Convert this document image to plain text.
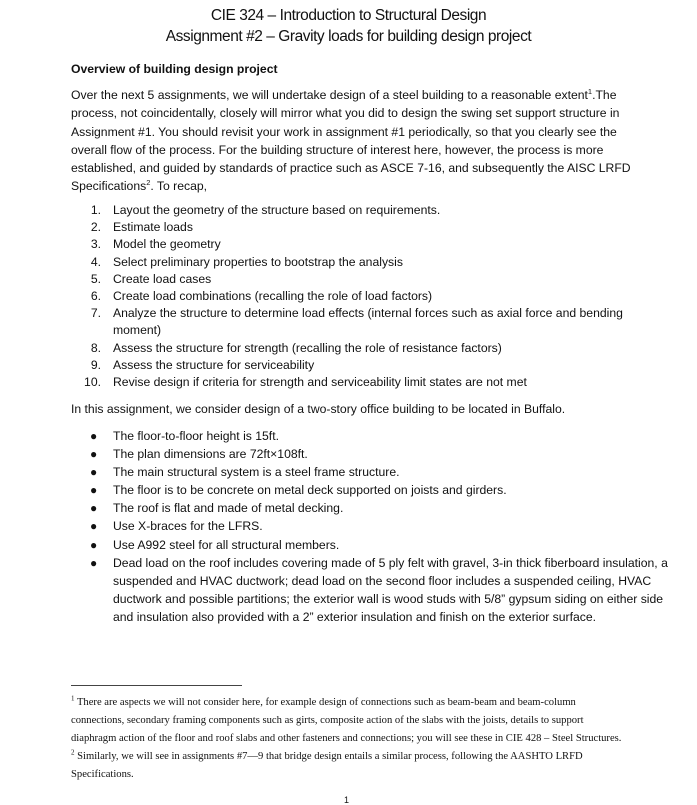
CIE 324 – Introduction to Structural Design
Assignment #2 – Gravity loads for building design project
Overview of building design project
Over the next 5 assignments, we will undertake design of a steel building to a reasonable extent$^1$.The process, not coincidentally, closely will mirror what you did to design the swing set support structure in Assignment #1. You should revisit your work in assignment #1 periodically, so that you clearly see the overall flow of the process. For the building structure of interest here, however, the process is more established, and guided by standards of practice such as ASCE 7-16, and subsequently the AISC LRFD Specifications$^2$. To recap,
1. Layout the geometry of the structure based on requirements.
2. Estimate loads
3. Model the geometry
4. Select preliminary properties to bootstrap the analysis
5. Create load cases
6. Create load combinations (recalling the role of load factors)
7. Analyze the structure to determine load effects (internal forces such as axial force and bending moment)
8. Assess the structure for strength (recalling the role of resistance factors)
9. Assess the structure for serviceability
10. Revise design if criteria for strength and serviceability limit states are not met
In this assignment, we consider design of a two-story office building to be located in Buffalo.
● The floor-to-floor height is 15ft.
● The plan dimensions are 72ft×108ft.
● The main structural system is a steel frame structure.
● The floor is to be concrete on metal deck supported on joists and girders.
● The roof is flat and made of metal decking.
● Use X-braces for the LFRS.
● Use A992 steel for all structural members.
● Dead load on the roof includes covering made of 5 ply felt with gravel, 3-in thick fiberboard insulation, a suspended and HVAC ductwork; dead load on the second floor includes a suspended ceiling, HVAC ductwork and possible partitions; the exterior wall is wood studs with 5/8” gypsum siding on either side and insulation also provided with a 2” exterior insulation and finish on the exterior surface.
$^1$ There are aspects we will not consider here, for example design of connections such as beam-beam and beam-column connections, secondary framing components such as girts, composite action of the slabs with the joists, details to support diaphragm action of the floor and roof slabs and other fasteners and connections; you will see these in CIE 428 – Steel Structures.
$^2$ Similarly, we will see in assignments #7—9 that bridge design entails a similar process, following the AASHTO LRFD Specifications.
1
